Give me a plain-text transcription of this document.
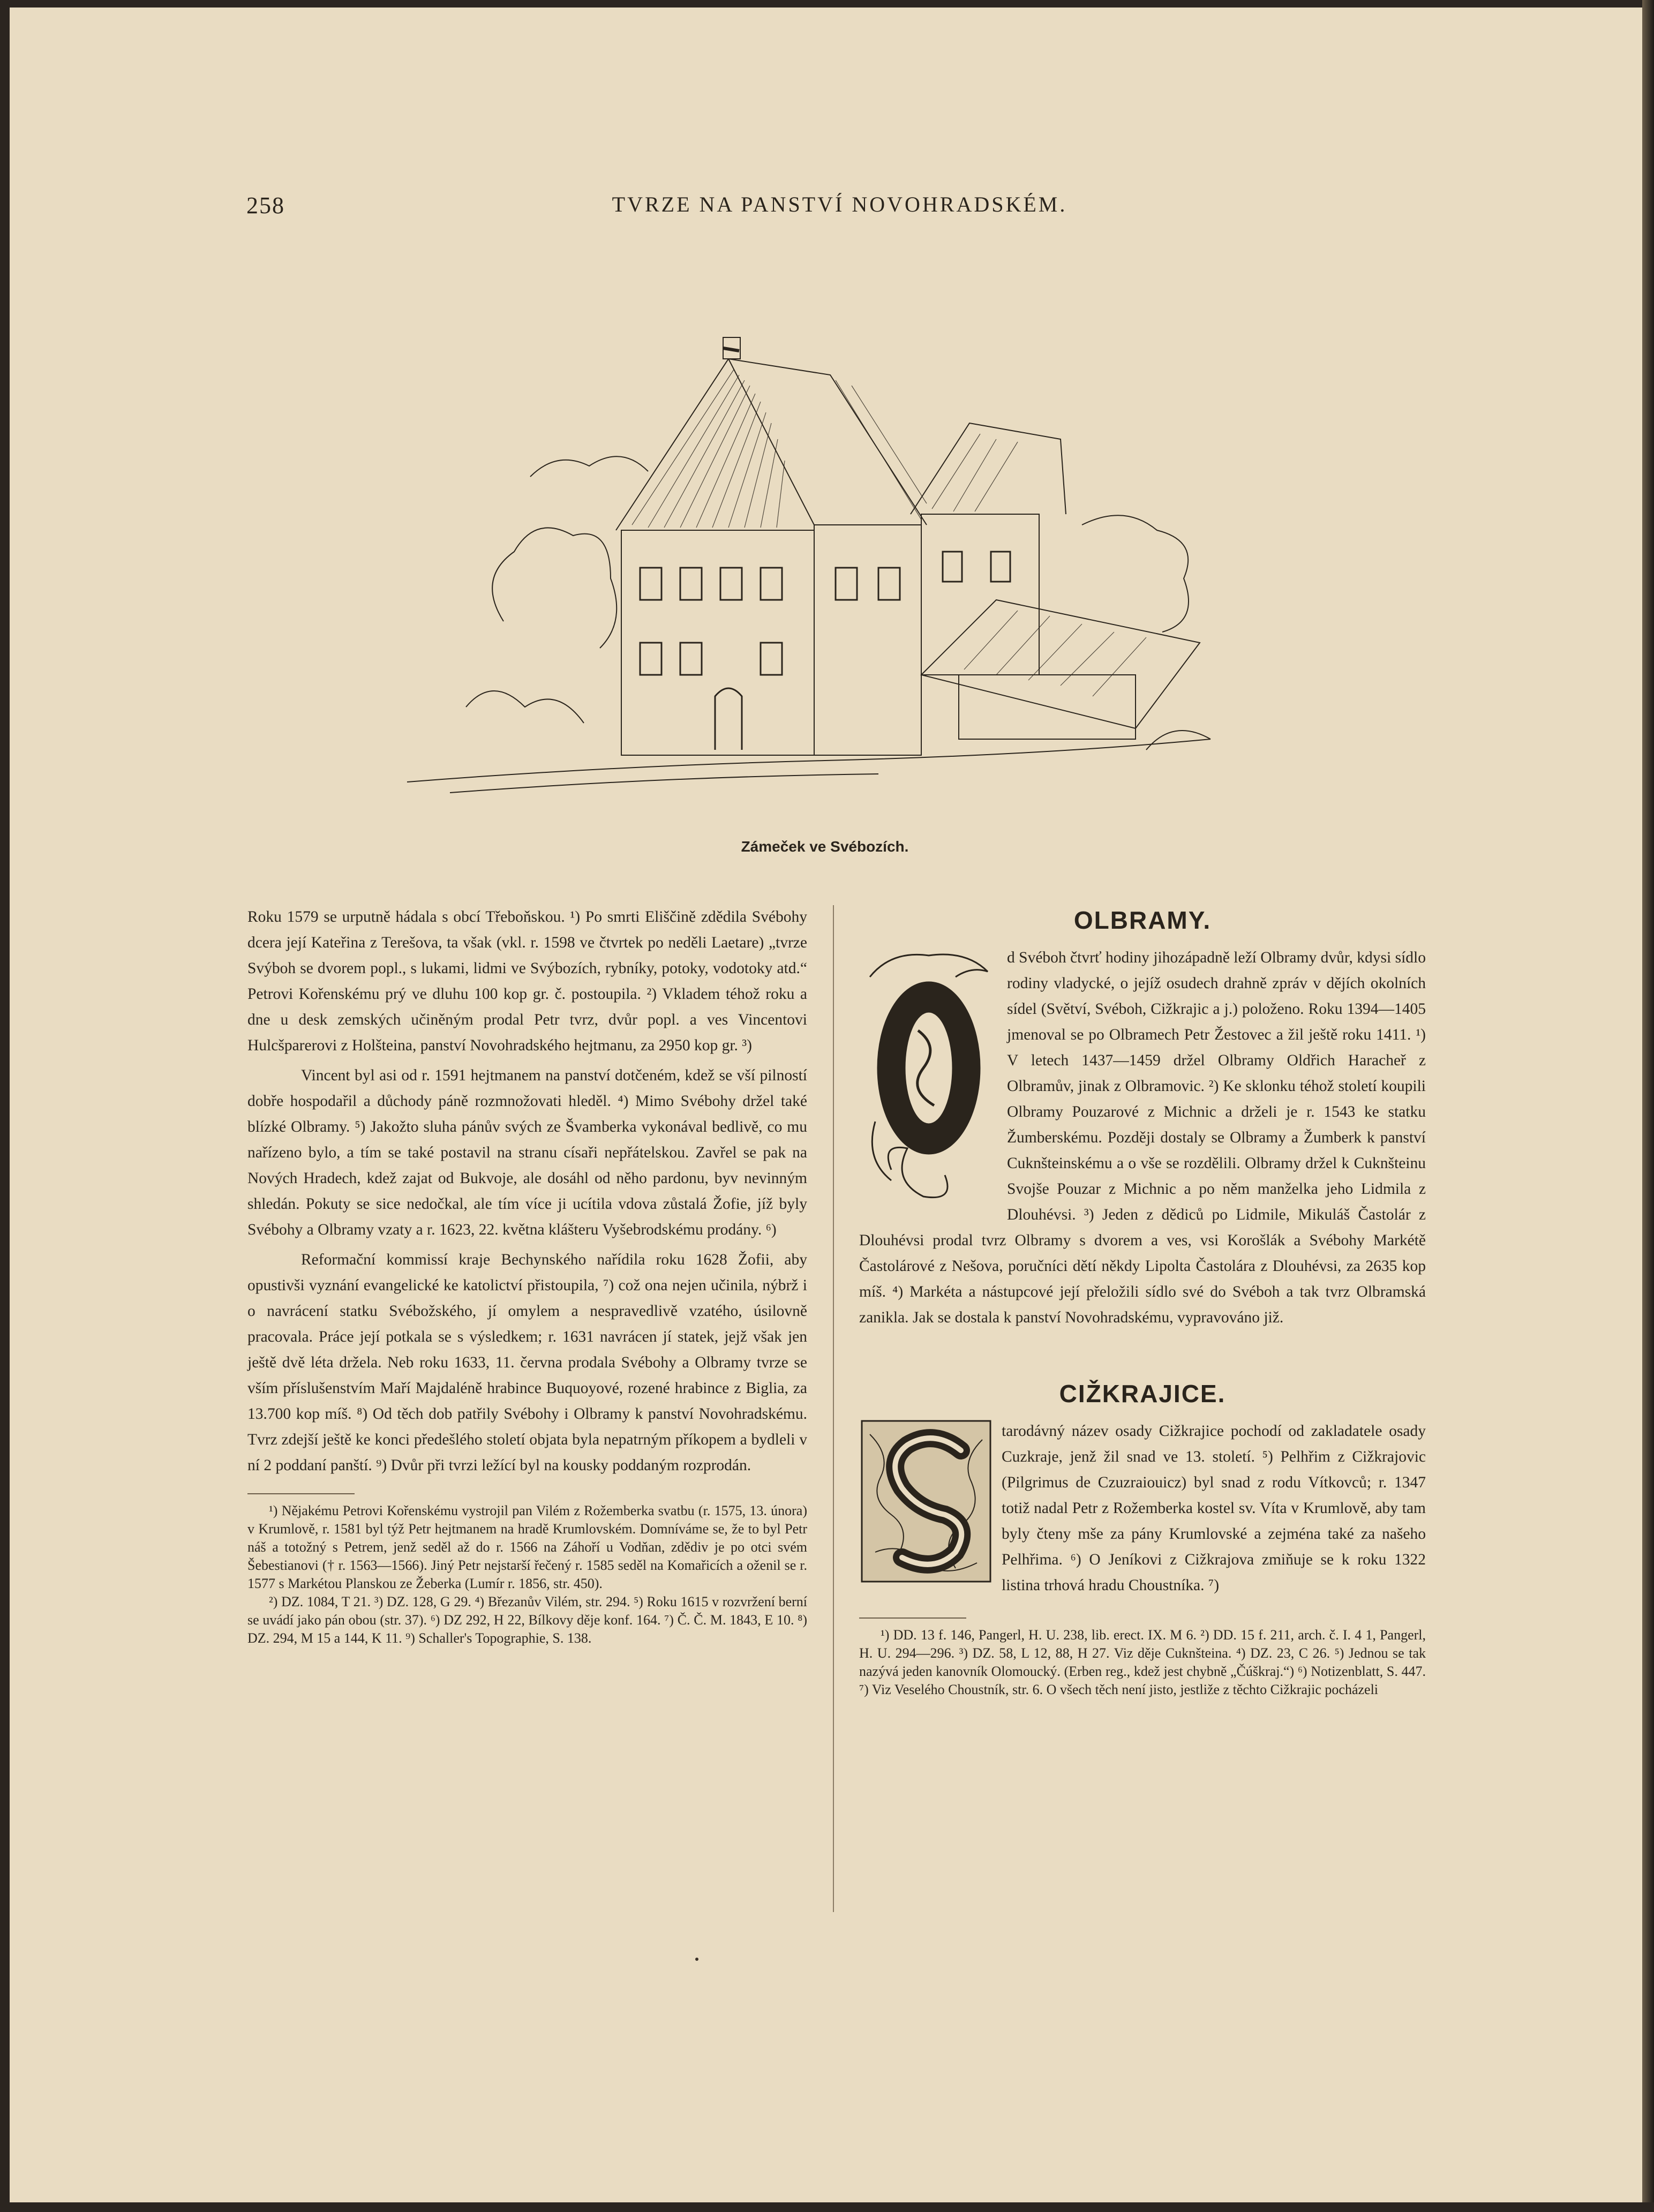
258	TVRZE NA PANSTVÍ NOVOHRADSKÉM.
Zámeček ve Svébozích.

Roku 1579 se urputně hádala s obcí Třeboňskou. ¹) Po smrti Eliščině zdědila Svébohy dcera její Kateřina z Terešova, ta však (vkl. r. 1598 ve čtvrtek po neděli Laetare) „tvrze Svýboh se dvorem popl., s lukami, lidmi ve Svýbozích, rybníky, potoky, vodotoky atd.“ Petrovi Kořenskému prý ve dluhu 100 kop gr. č. postoupila. ²) Vkladem téhož roku a dne u desk zemských učiněným prodal Petr tvrz, dvůr popl. a ves Vincentovi Hulcšparerovi z Holšteina, panství Novohradského hejtmanu, za 2950 kop gr. ³)

Vincent byl asi od r. 1591 hejtmanem na panství dotčeném, kdež se vší pilností dobře hospodařil a důchody páně rozmnožovati hleděl. ⁴) Mimo Svébohy držel také blízké Olbramy. ⁵) Jakožto sluha pánův svých ze Švamberka vykonával bedlivě, co mu nařízeno bylo, a tím se také postavil na stranu císaři nepřátelskou. Zavřel se pak na Nových Hradech, kdež zajat od Bukvoje, ale dosáhl od něho pardonu, byv nevinným shledán. Pokuty se sice nedočkal, ale tím více ji ucítila vdova zůstalá Žofie, jíž byly Svébohy a Olbramy vzaty a r. 1623, 22. května klášteru Vyšebrodskému prodány. ⁶)

Reformační kommissí kraje Bechynského nařídila roku 1628 Žofii, aby opustivši vyznání evangelické ke katolictví přistoupila, ⁷) což ona nejen učinila, nýbrž i o navrácení statku Svébožského, jí omylem a nespravedlivě vzatého, úsilovně pracovala. Práce její potkala se s výsledkem; r. 1631 navrácen jí statek, jejž však jen ještě dvě léta držela. Neb roku 1633, 11. června prodala Svébohy a Olbramy tvrze se vším příslušenstvím Maří Majdaléně hrabince Buquoyové, rozené hrabince z Biglia, za 13.700 kop míš. ⁸) Od těch dob patřily Svébohy i Olbramy k panství Novohradskému. Tvrz zdejší ještě ke konci předešlého století objata byla nepatrným příkopem a bydleli v ní 2 poddaní panští. ⁹) Dvůr při tvrzi ležící byl na kousky poddaným rozprodán.

¹) Nějakému Petrovi Kořenskému vystrojil pan Vilém z Rožemberka svatbu (r. 1575, 13. února) v Krumlově, r. 1581 byl týž Petr hejtmanem na hradě Krumlovském. Domníváme se, že to byl Petr náš a totožný s Petrem, jenž seděl až do r. 1566 na Záhoří u Vodňan, zdědiv je po otci svém Šebestianovi († r. 1563—1566). Jiný Petr nejstarší řečený r. 1585 seděl na Komařicích a oženil se r. 1577 s Markétou Planskou ze Žeberka (Lumír r. 1856, str. 450).

²) DZ. 1084, T 21. ³) DZ. 128, G 29. ⁴) Březanův Vilém, str. 294. ⁵) Roku 1615 v rozvržení berní se uvádí jako pán obou (str. 37). ⁶) DZ 292, H 22, Bílkovy děje konf. 164. ⁷) Č. Č. M. 1843, E 10. ⁸) DZ. 294, M 15 a 144, K 11. ⁹) Schaller's Topographie, S. 138.

OLBRAMY.

d Svéboh čtvrť hodiny jihozápadně leží Olbramy dvůr, kdysi sídlo rodiny vladycké, o jejíž osudech drahně zpráv v dějích okolních sídel (Světví, Svéboh, Cižkrajic a j.) položeno. Roku 1394—1405 jmenoval se po Olbramech Petr Žestovec a žil ještě roku 1411. ¹) V letech 1437—1459 držel Olbramy Oldřich Haracheř z Olbramův, jinak z Olbramovic. ²) Ke sklonku téhož století koupili Olbramy Pouzarové z Michnic a drželi je r. 1543 ke statku Žumberskému. Později dostaly se Olbramy a Žumberk k panství Cuknšteinskému a o vše se rozdělili. Olbramy držel k Cuknšteinu Svojše Pouzar z Michnic a po něm manželka jeho Lidmila z Dlouhévsi. ³) Jeden z dědiců po Lidmile, Mikuláš Častolár z Dlouhévsi prodal tvrz Olbramy s dvorem a ves, vsi Korošlák a Svébohy Markétě Častolárové z Nešova, poručníci dětí někdy Lipolta Častolára z Dlouhévsi, za 2635 kop míš. ⁴) Markéta a nástupcové její přeložili sídlo své do Svéboh a tak tvrz Olbramská zanikla. Jak se dostala k panství Novohradskému, vypravováno již.

CIŽKRAJICE.

tarodávný název osady Cižkrajice pochodí od zakladatele osady Cuzkraje, jenž žil snad ve 13. století. ⁵) Pelhřim z Cižkrajovic (Pilgrimus de Czuzraiouicz) byl snad z rodu Vítkovců; r. 1347 totiž nadal Petr z Rožemberka kostel sv. Víta v Krumlově, aby tam byly čteny mše za pány Krumlovské a zejména také za našeho Pelhřima. ⁶) O Jeníkovi z Cižkrajova zmiňuje se k roku 1322 listina trhová hradu Choustníka. ⁷)

¹) DD. 13 f. 146, Pangerl, H. U. 238, lib. erect. IX. M 6. ²) DD. 15 f. 211, arch. č. I. 4 1, Pangerl, H. U. 294—296. ³) DZ. 58, L 12, 88, H 27. Viz děje Cuknšteina. ⁴) DZ. 23, C 26. ⁵) Jednou se tak nazývá jeden kanovník Olomoucký. (Erben reg., kdež jest chybně „Čúškraj.“) ⁶) Notizenblatt, S. 447. ⁷) Viz Veselého Choustník, str. 6. O všech těch není jisto, jestliže z těchto Cižkrajic pocházeli
